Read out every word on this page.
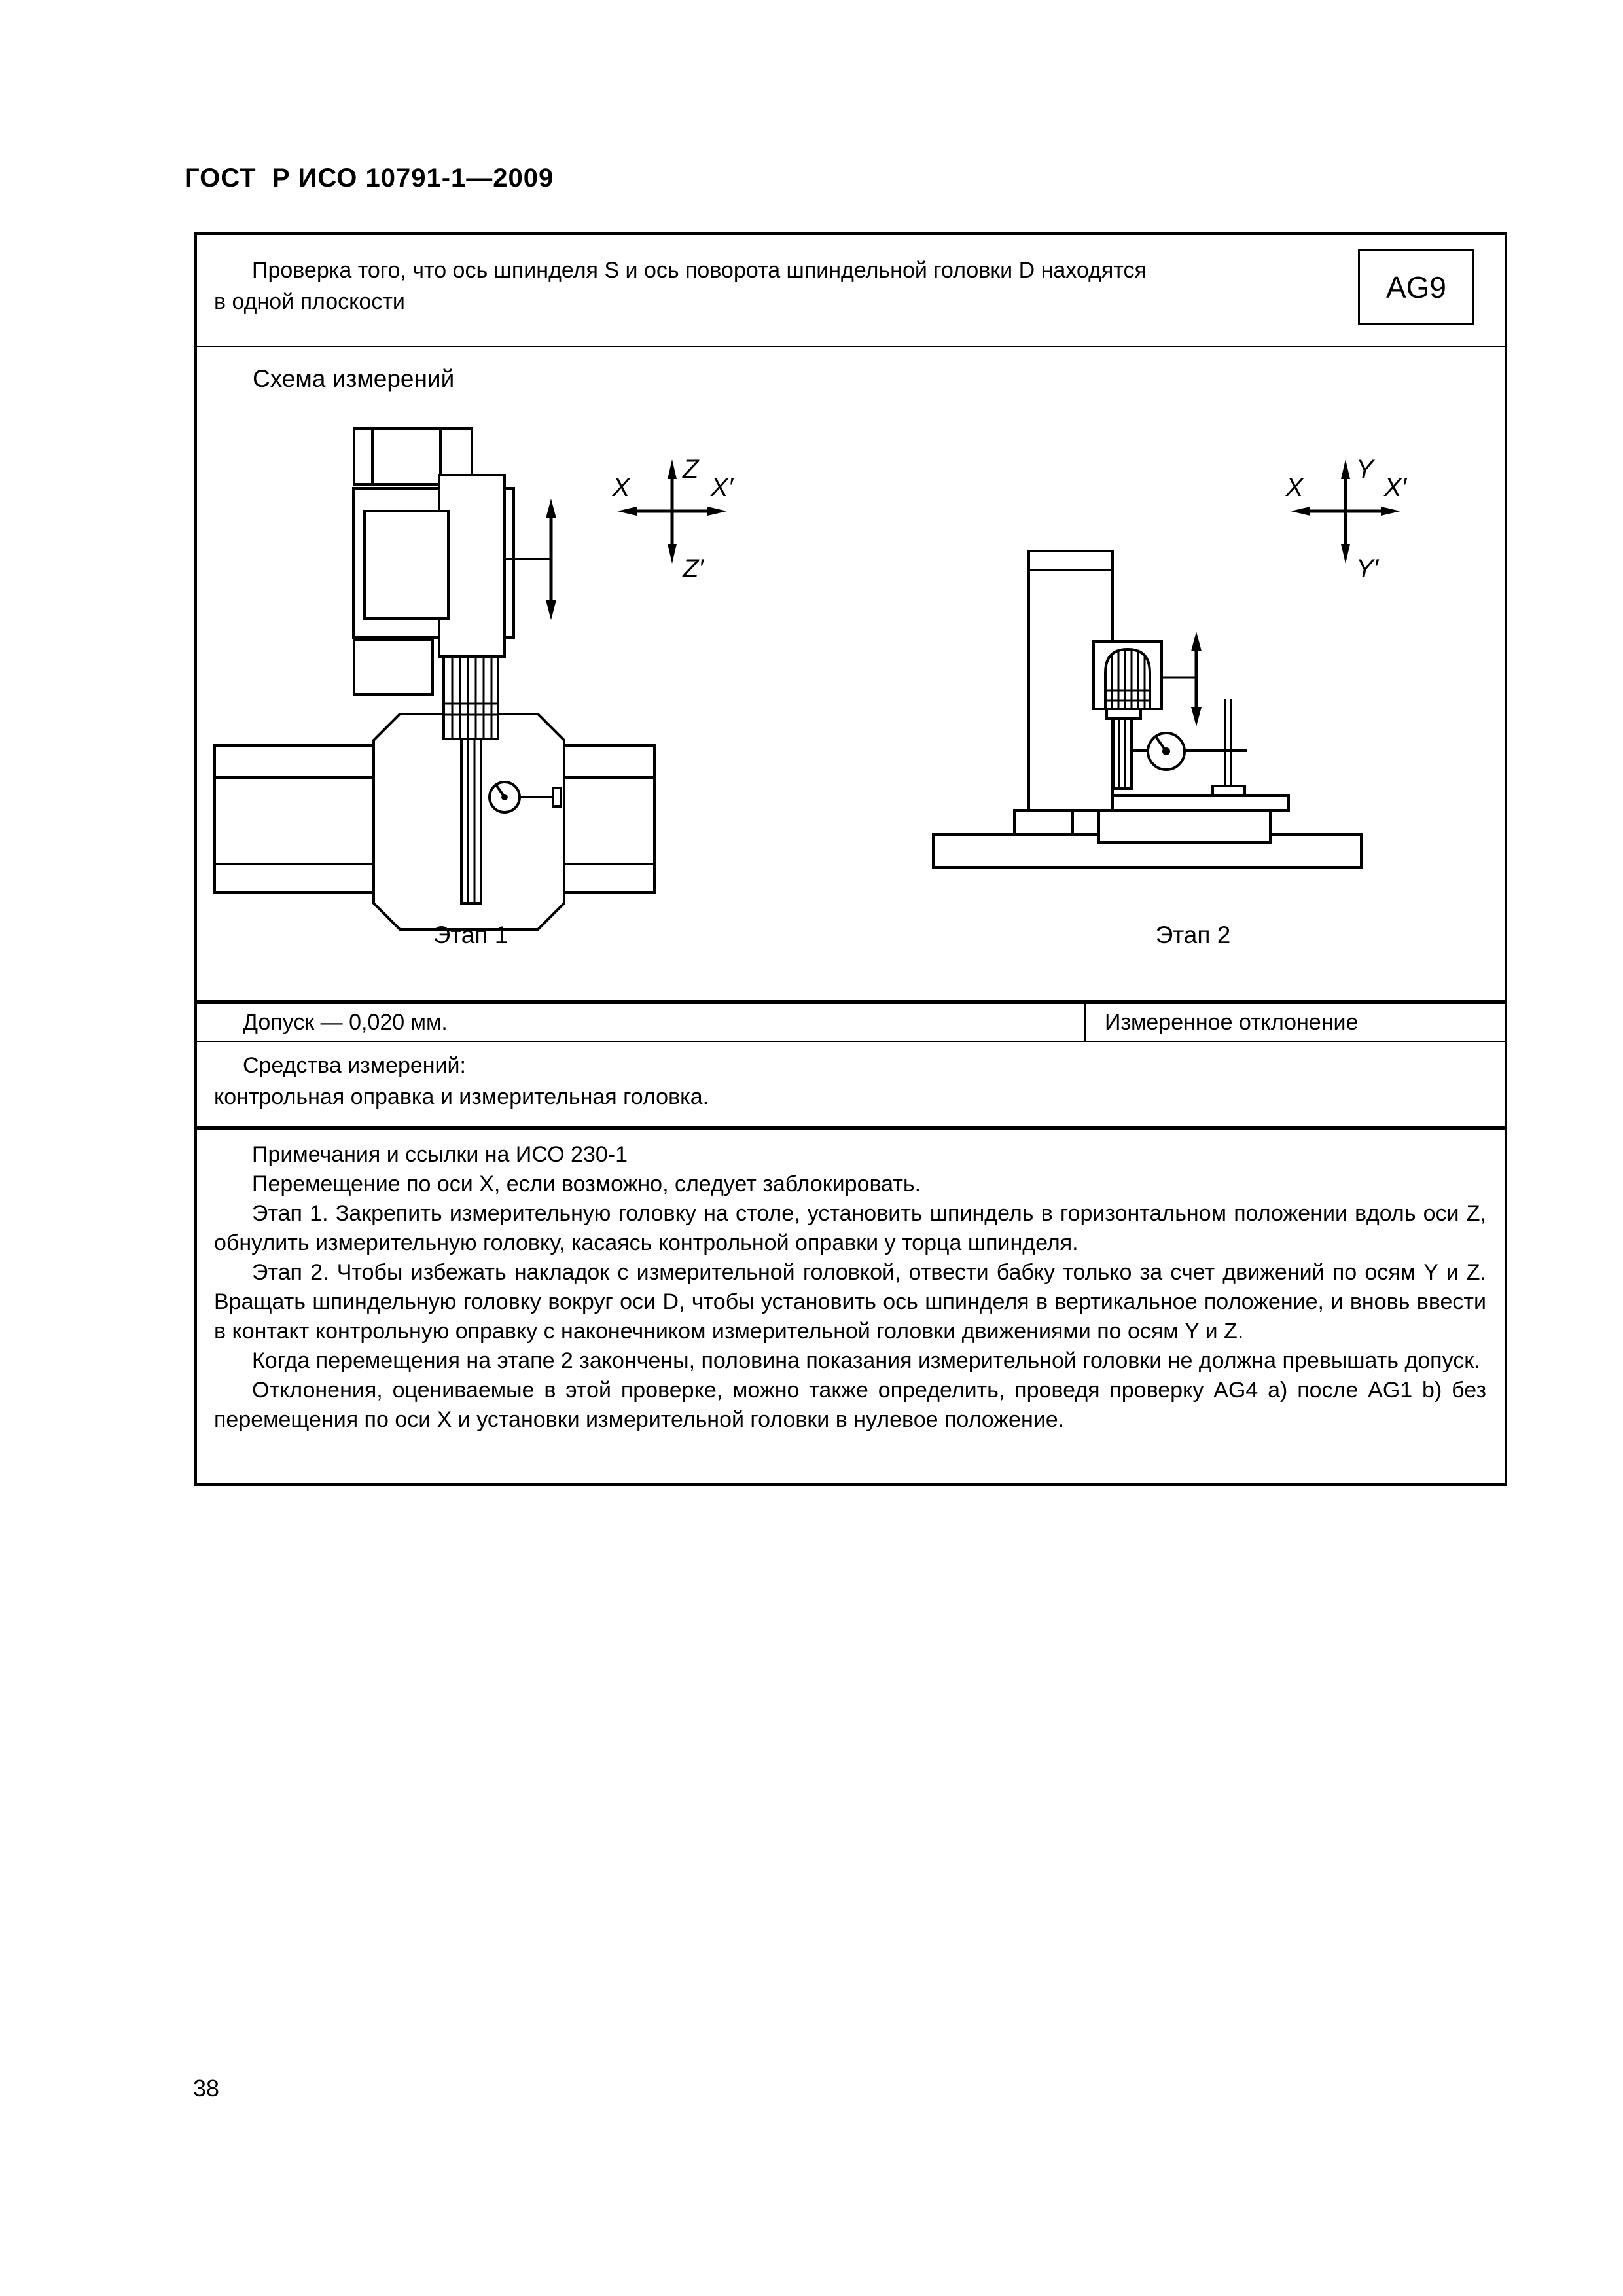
ГОСТ  Р ИСО 10791-1—2009
Проверка того, что ось шпинделя S и ось поворота шпиндельной головки D находятся
в одной плоскости	AG9
Схема измерений
Z
X	X′
Z′
Y
X	X′
Y′
Этап 1	Этап 2
Допуск — 0,020 мм.	Измеренное отклонение
Средства измерений:
контрольная оправка и измерительная головка.

Примечания и ссылки на ИСО 230-1

Перемещение по оси X, если возможно, следует заблокировать.

Этап 1. Закрепить измерительную головку на столе, установить шпиндель в горизонтальном положении вдоль оси Z, обнулить измерительную головку, касаясь контрольной оправки у торца шпинделя.

Этап 2. Чтобы избежать накладок с измерительной головкой, отвести бабку только за счет движений по осям Y и Z. Вращать шпиндельную головку вокруг оси D, чтобы установить ось шпинделя в вертикальное положение, и вновь ввести в контакт контрольную оправку с наконечником измерительной головки движениями по осям Y и Z.

Когда перемещения на этапе 2 закончены, половина показания измерительной головки не должна превышать допуск.

Отклонения, оцениваемые в этой проверке, можно также определить, проведя проверку AG4 a) после AG1 b) без перемещения по оси X и установки измерительной головки в нулевое положение.

38
